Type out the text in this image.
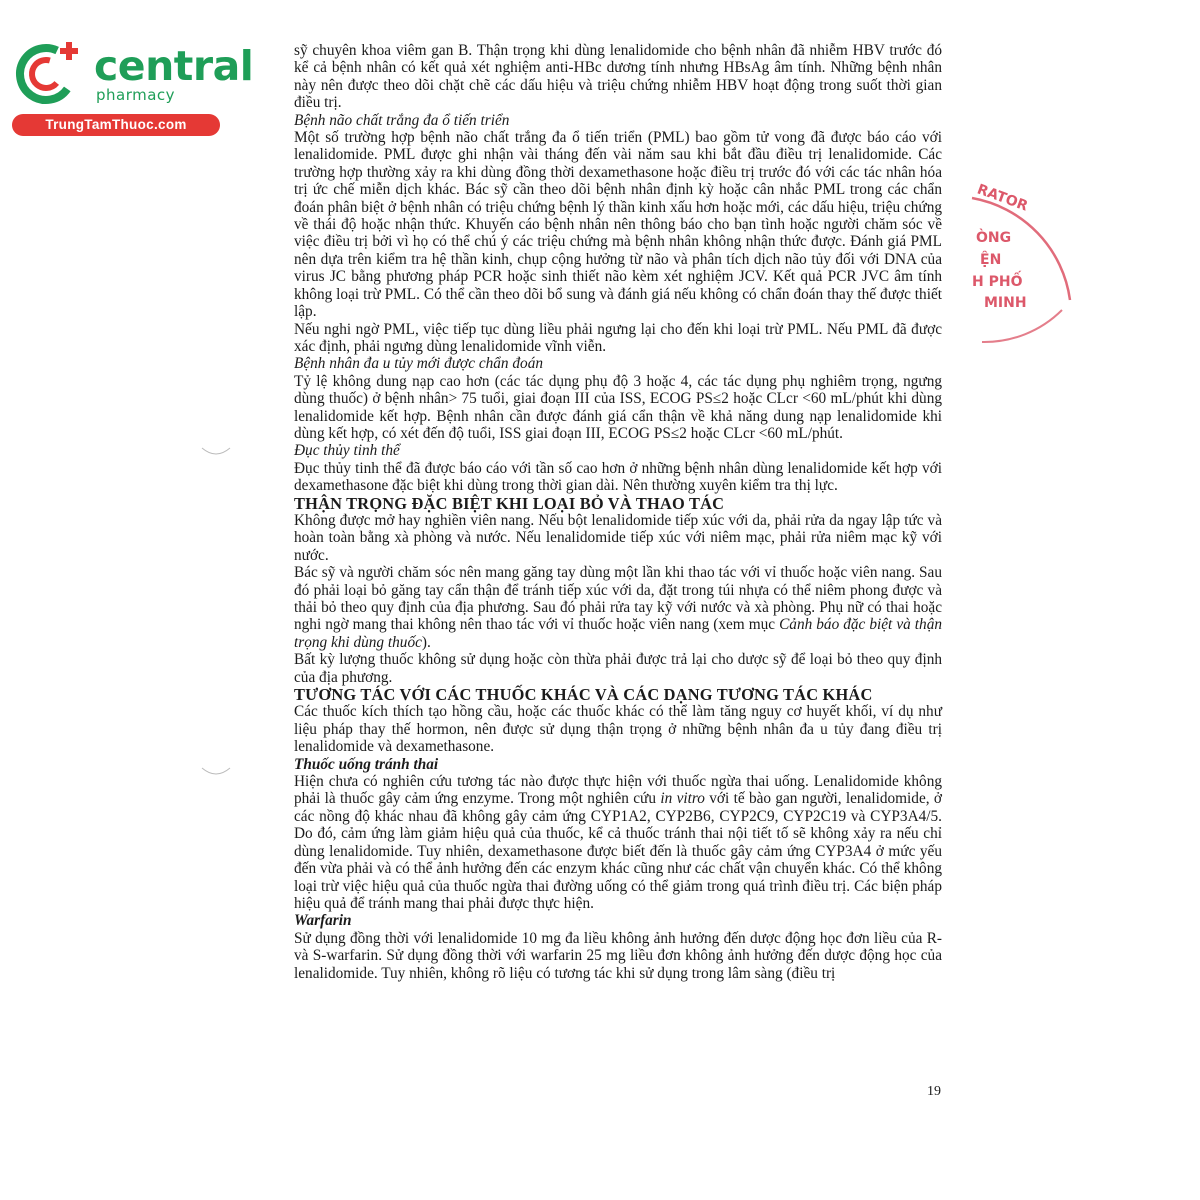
central
pharmacy
TrungTamThuoc.com
RATOR
ÒNG
ỆN
H PHỐ
MINH

sỹ chuyên khoa viêm gan B. Thận trọng khi dùng lenalidomide cho bệnh nhân đã nhiễm HBV trước đó kể cả bệnh nhân có kết quả xét nghiệm anti-HBc dương tính nhưng HBsAg âm tính. Những bệnh nhân này nên được theo dõi chặt chẽ các dấu hiệu và triệu chứng nhiễm HBV hoạt động trong suốt thời gian điều trị.

Bệnh não chất trắng đa ổ tiến triển

Một số trường hợp bệnh não chất trắng đa ổ tiến triển (PML) bao gồm tử vong đã được báo cáo với lenalidomide. PML được ghi nhận vài tháng đến vài năm sau khi bắt đầu điều trị lenalidomide. Các trường hợp thường xảy ra khi dùng đồng thời dexamethasone hoặc điều trị trước đó với các tác nhân hóa trị ức chế miễn dịch khác. Bác sỹ cần theo dõi bệnh nhân định kỳ hoặc cân nhắc PML trong các chẩn đoán phân biệt ở bệnh nhân có triệu chứng bệnh lý thần kinh xấu hơn hoặc mới, các dấu hiệu, triệu chứng về thái độ hoặc nhận thức. Khuyến cáo bệnh nhân nên thông báo cho bạn tình hoặc người chăm sóc về việc điều trị bởi vì họ có thể chú ý các triệu chứng mà bệnh nhân không nhận thức được. Đánh giá PML nên dựa trên kiểm tra hệ thần kinh, chụp cộng hưởng từ não và phân tích dịch não tủy đối với DNA của virus JC bằng phương pháp PCR hoặc sinh thiết não kèm xét nghiệm JCV. Kết quả PCR JVC âm tính không loại trừ PML. Có thể cần theo dõi bổ sung và đánh giá nếu không có chẩn đoán thay thế được thiết lập.

Nếu nghi ngờ PML, việc tiếp tục dùng liều phải ngưng lại cho đến khi loại trừ PML. Nếu PML đã được xác định, phải ngưng dùng lenalidomide vĩnh viễn.

Bệnh nhân đa u tủy mới được chẩn đoán

Tỷ lệ không dung nạp cao hơn (các tác dụng phụ độ 3 hoặc 4, các tác dụng phụ nghiêm trọng, ngưng dùng thuốc) ở bệnh nhân> 75 tuổi, giai đoạn III của ISS, ECOG PS≤2 hoặc CLcr <60 mL/phút khi dùng lenalidomide kết hợp. Bệnh nhân cần được đánh giá cẩn thận về khả năng dung nạp lenalidomide khi dùng kết hợp, có xét đến độ tuổi, ISS giai đoạn III, ECOG PS≤2 hoặc CLcr <60 mL/phút.

Đục thủy tinh thể

Đục thủy tinh thể đã được báo cáo với tần số cao hơn ở những bệnh nhân dùng lenalidomide kết hợp với dexamethasone đặc biệt khi dùng trong thời gian dài. Nên thường xuyên kiểm tra thị lực.

THẬN TRỌNG ĐẶC BIỆT KHI LOẠI BỎ VÀ THAO TÁC

Không được mở hay nghiền viên nang. Nếu bột lenalidomide tiếp xúc với da, phải rửa da ngay lập tức và hoàn toàn bằng xà phòng và nước. Nếu lenalidomide tiếp xúc với niêm mạc, phải rửa niêm mạc kỹ với nước.

Bác sỹ và người chăm sóc nên mang găng tay dùng một lần khi thao tác với vỉ thuốc hoặc viên nang. Sau đó phải loại bỏ găng tay cẩn thận để tránh tiếp xúc với da, đặt trong túi nhựa có thể niêm phong được và thải bỏ theo quy định của địa phương. Sau đó phải rửa tay kỹ với nước và xà phòng. Phụ nữ có thai hoặc nghi ngờ mang thai không nên thao tác với vỉ thuốc hoặc viên nang (xem mục Cảnh báo đặc biệt và thận trọng khi dùng thuốc).

Bất kỳ lượng thuốc không sử dụng hoặc còn thừa phải được trả lại cho dược sỹ để loại bỏ theo quy định của địa phương.

TƯƠNG TÁC VỚI CÁC THUỐC KHÁC VÀ CÁC DẠNG TƯƠNG TÁC KHÁC

Các thuốc kích thích tạo hồng cầu, hoặc các thuốc khác có thể làm tăng nguy cơ huyết khối, ví dụ như liệu pháp thay thế hormon, nên được sử dụng thận trọng ở những bệnh nhân đa u tủy đang điều trị lenalidomide và dexamethasone.

Thuốc uống tránh thai

Hiện chưa có nghiên cứu tương tác nào được thực hiện với thuốc ngừa thai uống. Lenalidomide không phải là thuốc gây cảm ứng enzyme. Trong một nghiên cứu in vitro với tế bào gan người, lenalidomide, ở các nồng độ khác nhau đã không gây cảm ứng CYP1A2, CYP2B6, CYP2C9, CYP2C19 và CYP3A4/5. Do đó, cảm ứng làm giảm hiệu quả của thuốc, kể cả thuốc tránh thai nội tiết tố sẽ không xảy ra nếu chỉ dùng lenalidomide. Tuy nhiên, dexamethasone được biết đến là thuốc gây cảm ứng CYP3A4 ở mức yếu đến vừa phải và có thể ảnh hưởng đến các enzym khác cũng như các chất vận chuyển khác. Có thể không loại trừ việc hiệu quả của thuốc ngừa thai đường uống có thể giảm trong quá trình điều trị. Các biện pháp hiệu quả để tránh mang thai phải được thực hiện.

Warfarin

Sử dụng đồng thời với lenalidomide 10 mg đa liều không ảnh hưởng đến dược động học đơn liều của R- và S-warfarin. Sử dụng đồng thời với warfarin 25 mg liều đơn không ảnh hưởng đến dược động học của lenalidomide. Tuy nhiên, không rõ liệu có tương tác khi sử dụng trong lâm sàng (điều trị

19
